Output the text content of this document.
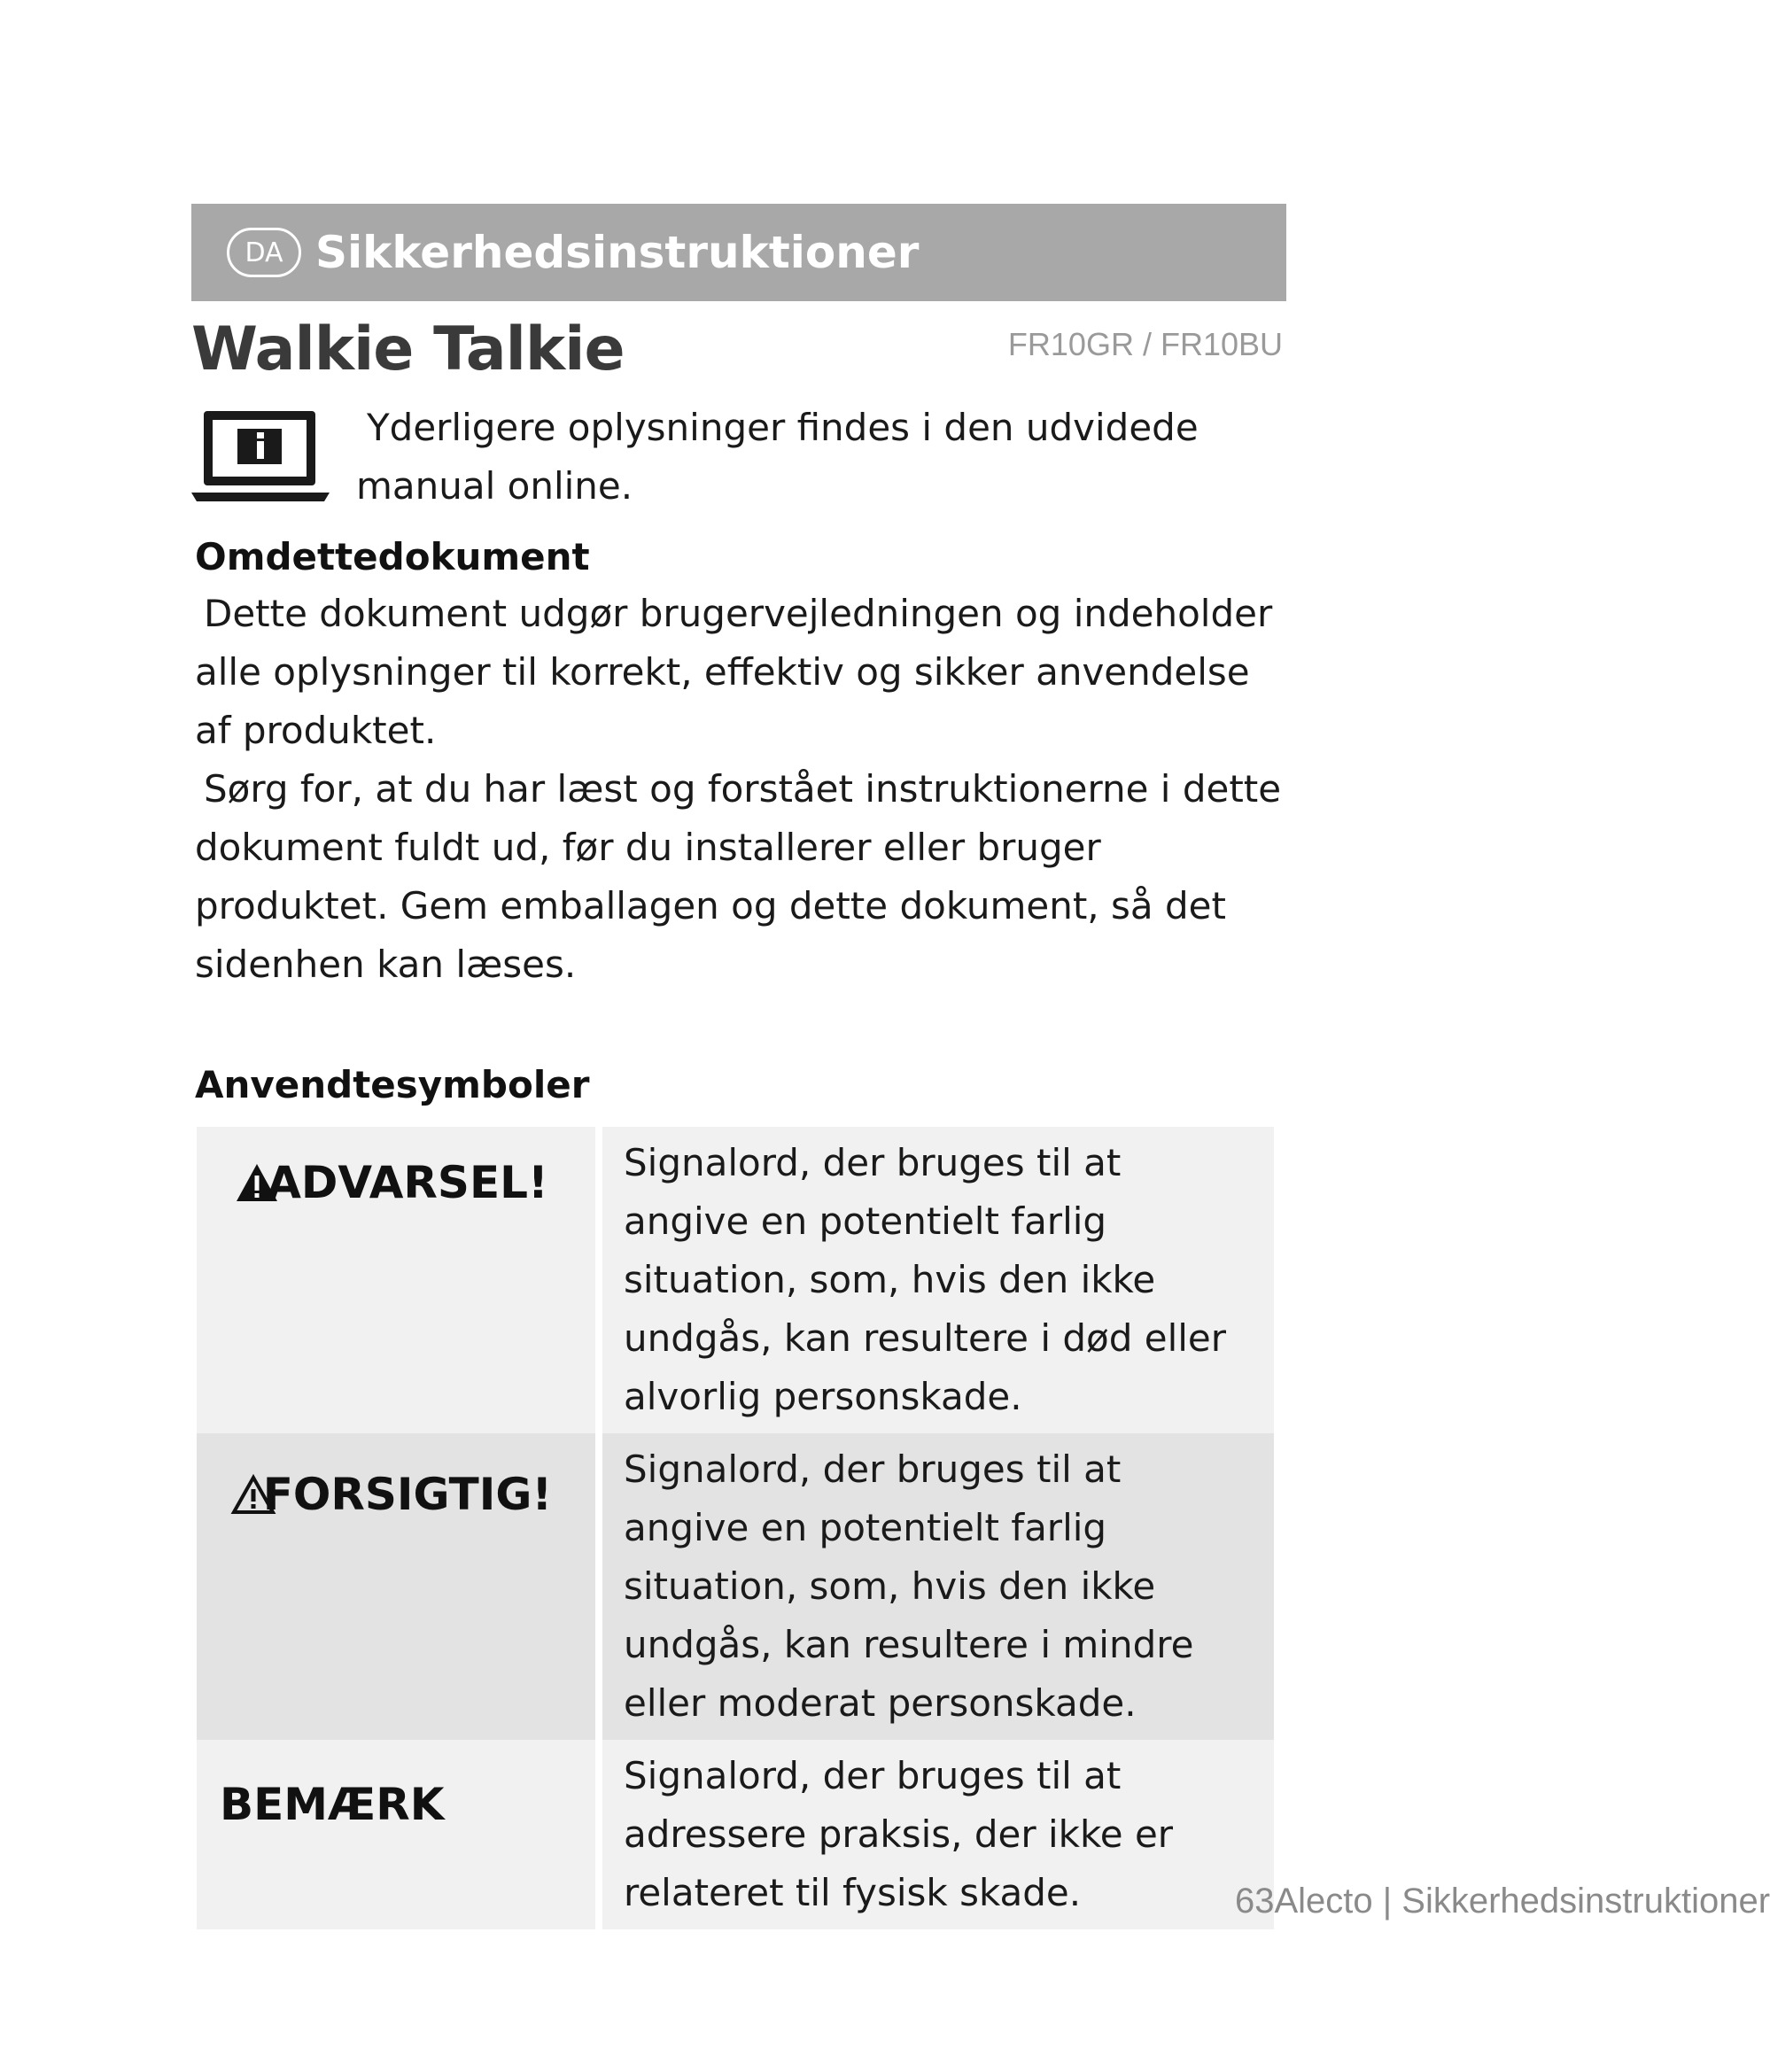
DA Sikkerhedsinstruktioner
Walkie Talkie	FR10GR / FR10BU
Yderligere oplysninger findes i den udvidede
manual online.
Omdettedokument

Dette dokument udgør brugervejledningen og indeholder alle oplysninger til korrekt, effektiv og sikker anvendelse af produktet.

Sørg for, at du har læst og forstået instruktionerne i dette dokument fuldt ud, før du installerer eller bruger produktet. Gem emballagen og dette dokument, så det sidenhen kan læses.

Anvendtesymboler
ADVARSEL!	Signalord, der bruges til at angive en potentielt farlig situation, som, hvis den ikke undgås, kan resultere i død eller alvorlig personskade.

FORSIGTIG!	Signalord, der bruges til at angive en potentielt farlig situation, som, hvis den ikke undgås, kan resultere i mindre eller moderat personskade.

BEMÆRK	Signalord, der bruges til at adressere praksis, der ikke er relateret til fysisk skade.	63Alecto | Sikkerhedsinstruktioner
